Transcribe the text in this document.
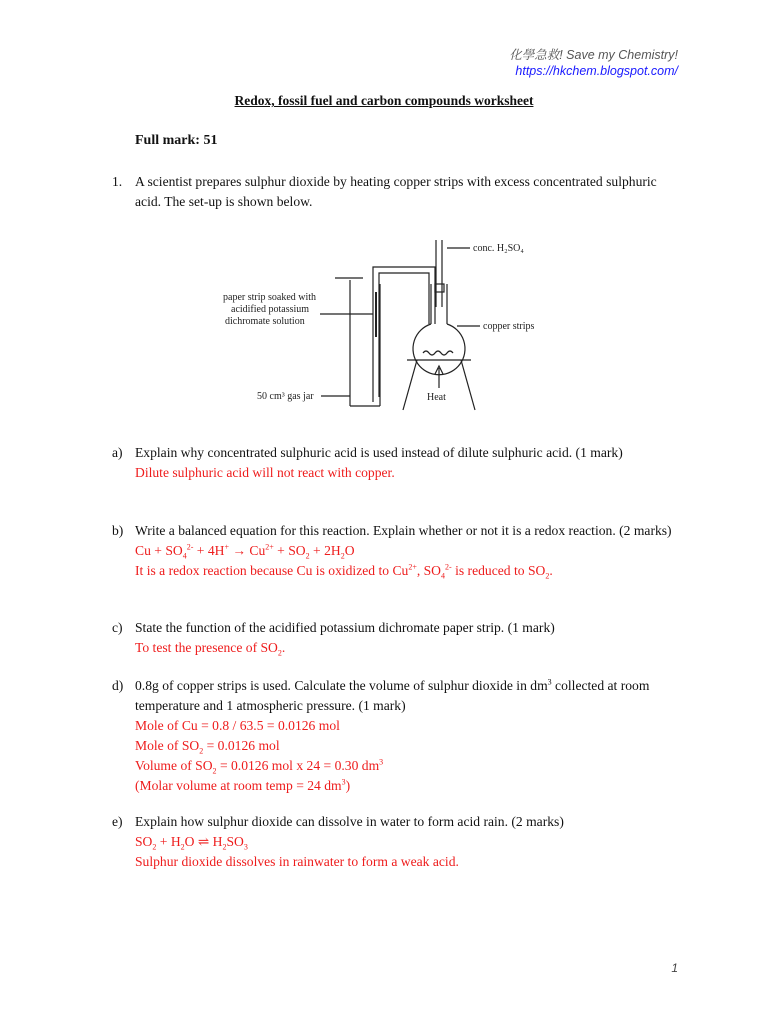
化學急救! Save my Chemistry!
https://hkchem.blogspot.com/
Redox, fossil fuel and carbon compounds worksheet
Full mark: 51
1. A scientist prepares sulphur dioxide by heating copper strips with excess concentrated sulphuric acid. The set-up is shown below.
conc. H₂SO₄
paper strip soaked with
acidified potassium
dichromate solution	copper strips
50 cm³ gas jar	Heat
a) Explain why concentrated sulphuric acid is used instead of dilute sulphuric acid. (1 mark)
Dilute sulphuric acid will not react with copper.
b) Write a balanced equation for this reaction. Explain whether or not it is a redox reaction. (2 marks)
$Cu + SO_4^{2-} + 4H^+ \to Cu^{2+} + SO_2 + 2H_2O$
It is a redox reaction because Cu is oxidized to $Cu^{2+}$, $SO_4^{2-}$ is reduced to $SO_2$.
c) State the function of the acidified potassium dichromate paper strip. (1 mark)
To test the presence of $SO_2$.
d) 0.8g of copper strips is used. Calculate the volume of sulphur dioxide in $dm^3$ collected at room temperature and 1 atmospheric pressure. (1 mark)
Mole of Cu = 0.8 / 63.5 = 0.0126 mol
Mole of $SO_2 = 0.0126$ mol
Volume of $SO_2 = 0.0126$ mol x 24 = 0.30 $dm^3$
(Molar volume at room temp = 24 $dm^3$)
e) Explain how sulphur dioxide can dissolve in water to form acid rain. (2 marks)
$SO_2 + H_2O$ ⇌ $H_2SO_3$
Sulphur dioxide dissolves in rainwater to form a weak acid.
1
